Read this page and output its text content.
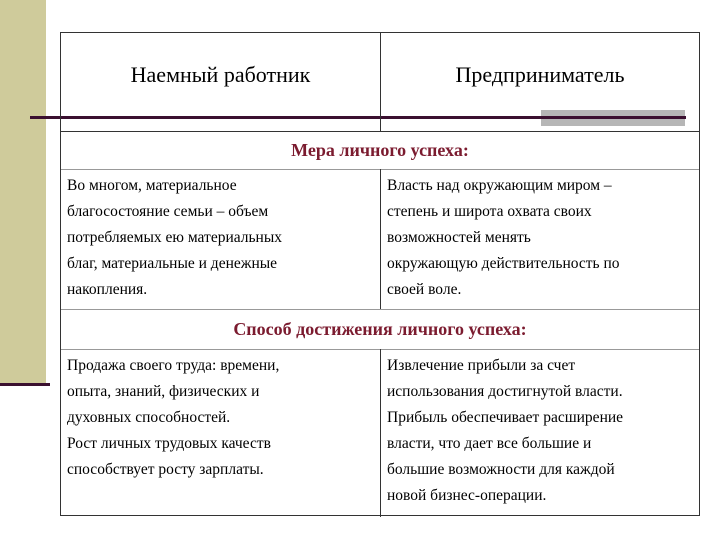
Наемный работник	Предприниматель
Мера личного успеха:
Во многом, материальное
благосостояние семьи – объем
потребляемых ею материальных
благ, материальные и денежные
накопления.
Власть над окружающим миром –
степень и широта охвата своих
возможностей менять
окружающую действительность по
своей воле.
Способ достижения личного успеха:
Продажа своего труда: времени,
опыта, знаний, физических и
духовных способностей.
Рост личных трудовых качеств
способствует росту зарплаты.
Извлечение прибыли за счет
использования достигнутой власти.
Прибыль обеспечивает расширение
власти, что дает все большие и
большие возможности для каждой
новой бизнес-операции.
